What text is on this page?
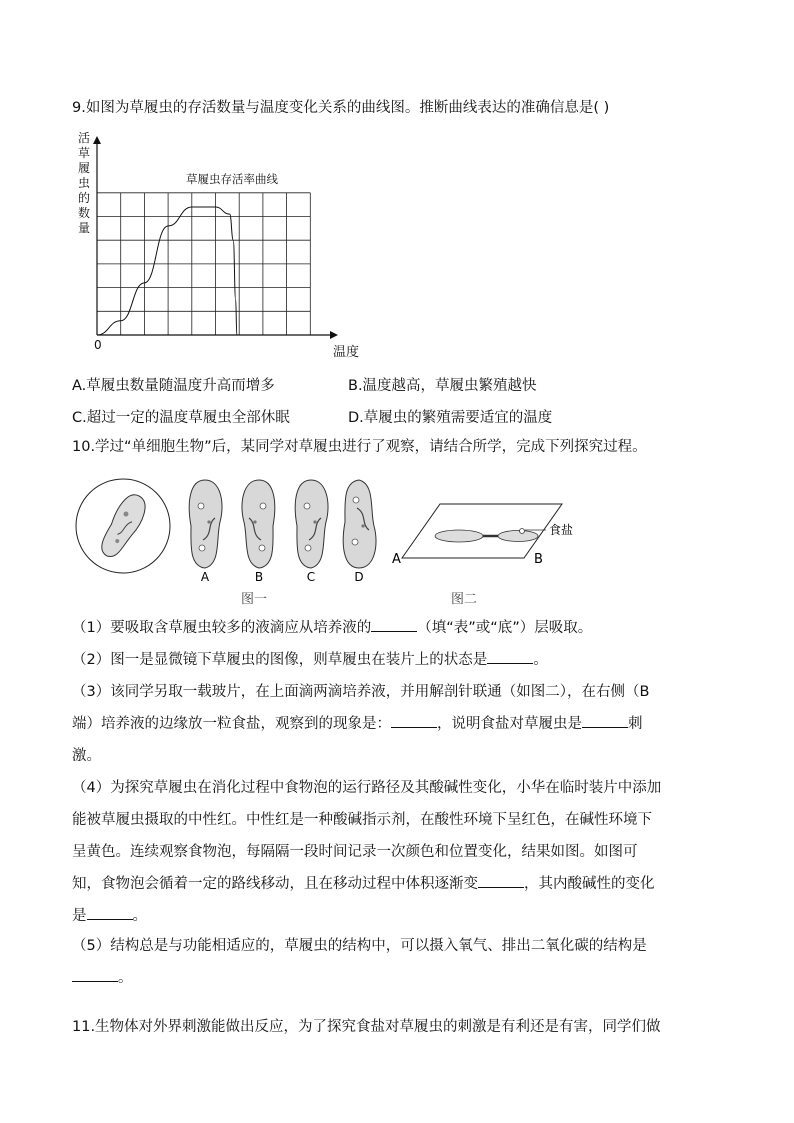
9.如图为草履虫的存活数量与温度变化关系的曲线图。推断曲线表达的准确信息是( )
草履虫存活率曲线
0	温度
活
草
履
虫
的
数
量
A.草履虫数量随温度升高而增多	B.温度越高，草履虫繁殖越快
C.超过一定的温度草履虫全部休眠	D.草履虫的繁殖需要适宜的温度
10.学过“单细胞生物”后，某同学对草履虫进行了观察，请结合所学，完成下列探究过程。
A	B	C	D
图一
A	B
食盐
图二
（1）要吸取含草履虫较多的液滴应从培养液的	（填“表”或“底”）层吸取。
（2）图一是显微镜下草履虫的图像，则草履虫在装片上的状态是	。
（3）该同学另取一载玻片，在上面滴两滴培养液，并用解剖针联通（如图二），在右侧（B
端）培养液的边缘放一粒食盐，观察到的现象是：	，说明食盐对草履虫是	刺
激。
（4）为探究草履虫在消化过程中食物泡的运行路径及其酸碱性变化，小华在临时装片中添加
能被草履虫摄取的中性红。中性红是一种酸碱指示剂，在酸性环境下呈红色，在碱性环境下
呈黄色。连续观察食物泡，每隔隔一段时间记录一次颜色和位置变化，结果如图。如图可
知，食物泡会循着一定的路线移动，且在移动过程中体积逐渐变	，其内酸碱性的变化
是	。
（5）结构总是与功能相适应的，草履虫的结构中，可以摄入氧气、排出二氧化碳的结构是
。
11.生物体对外界刺激能做出反应，为了探究食盐对草履虫的刺激是有利还是有害，同学们做
